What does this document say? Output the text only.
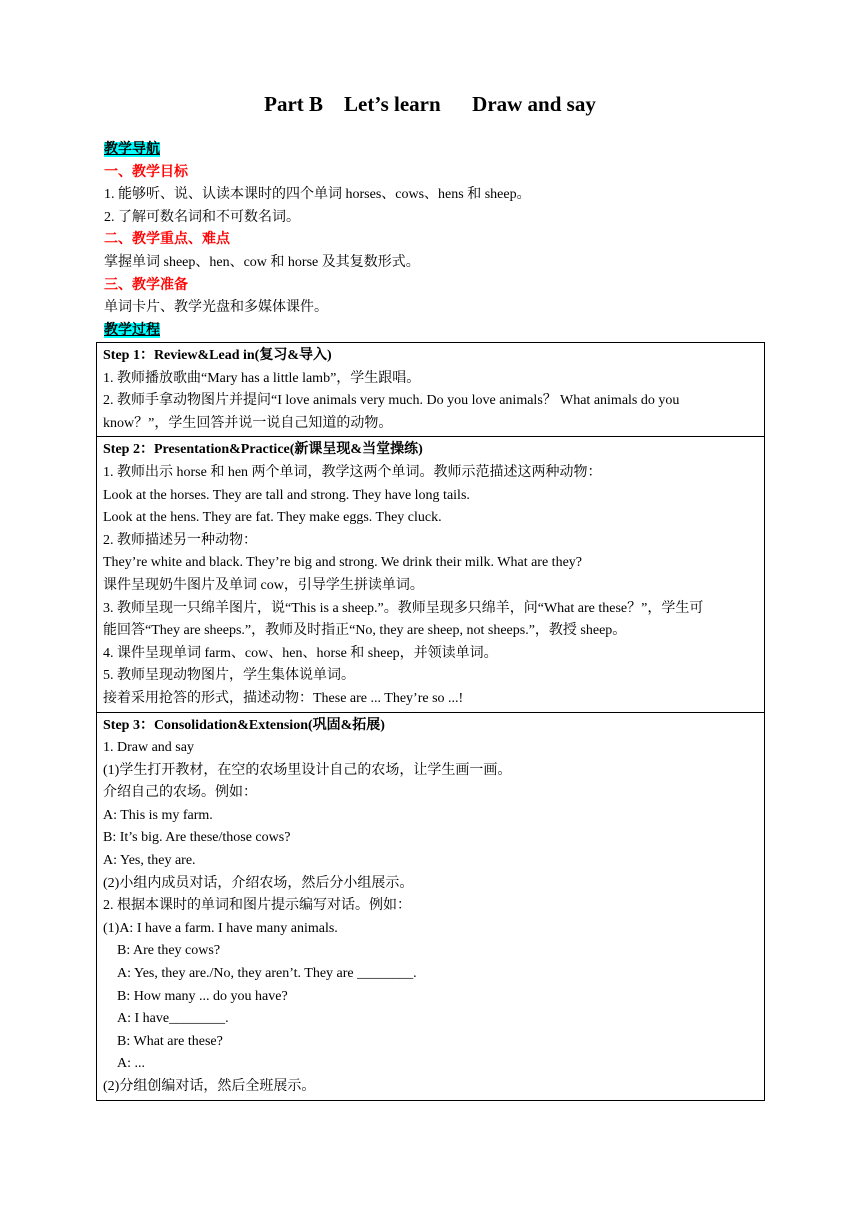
Part B    Let’s learn      Draw and say
教学导航
一、教学目标
1. 能够听、说、认读本课时的四个单词 horses、cows、hens 和 sheep。
2. 了解可数名词和不可数名词。
二、教学重点、难点
掌握单词 sheep、hen、cow 和 horse 及其复数形式。
三、教学准备
单词卡片、教学光盘和多媒体课件。
教学过程
Step 1：Review&Lead in(复习&导入)
1. 教师播放歌曲“Mary has a little lamb”，学生跟唱。
2. 教师手拿动物图片并提问“I love animals very much. Do you love animals？ What animals do you
know？”，学生回答并说一说自己知道的动物。

Step 2：Presentation&Practice(新课呈现&当堂操练)
1. 教师出示 horse 和 hen 两个单词，教学这两个单词。教师示范描述这两种动物：
Look at the horses. They are tall and strong. They have long tails.
Look at the hens. They are fat. They make eggs. They cluck.
2. 教师描述另一种动物：
They’re white and black. They’re big and strong. We drink their milk. What are they?
课件呈现奶牛图片及单词 cow，引导学生拼读单词。
3. 教师呈现一只绵羊图片，说“This is a sheep.”。教师呈现多只绵羊，问“What are these？”，学生可
能回答“They are sheeps.”，教师及时指正“No, they are sheep, not sheeps.”，教授 sheep。
4. 课件呈现单词 farm、cow、hen、horse 和 sheep，并领读单词。
5. 教师呈现动物图片，学生集体说单词。
接着采用抢答的形式，描述动物：These are ... They’re so ...!

Step 3：Consolidation&Extension(巩固&拓展)
1. Draw and say
(1)学生打开教材，在空的农场里设计自己的农场，让学生画一画。
介绍自己的农场。例如：
A: This is my farm.
B: It’s big. Are these/those cows?
A: Yes, they are.
(2)小组内成员对话，介绍农场，然后分小组展示。
2. 根据本课时的单词和图片提示编写对话。例如：
(1)A: I have a farm. I have many animals.
B: Are they cows?
A: Yes, they are./No, they aren’t. They are ________.
B: How many ... do you have?
A: I have________.
B: What are these?
A: ...
(2)分组创编对话，然后全班展示。
